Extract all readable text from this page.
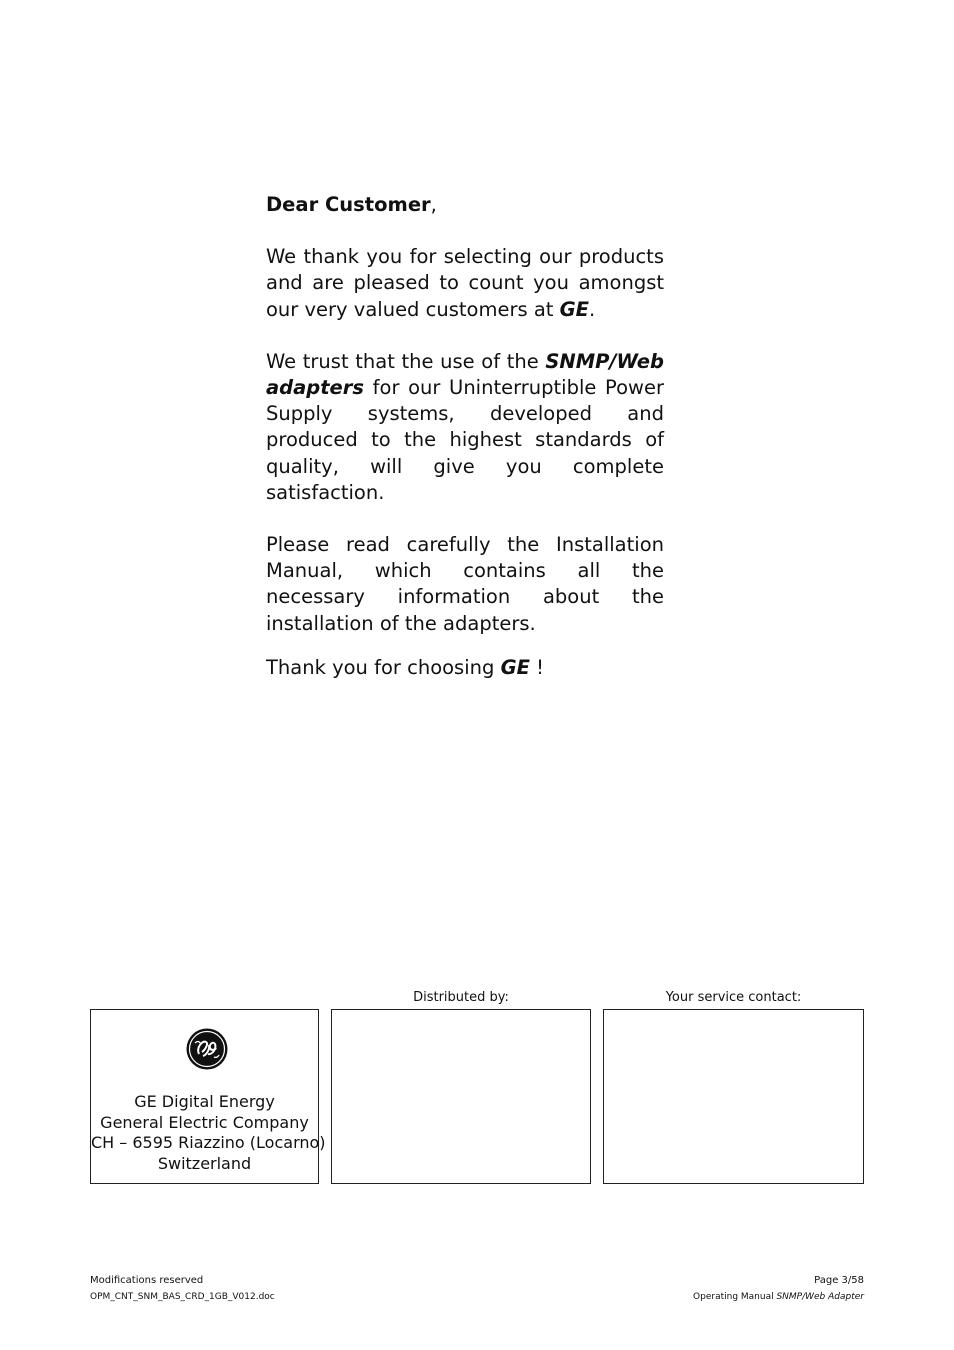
Dear Customer,

We thank you for selecting our products and are pleased to count you amongst our very valued customers at GE.

We trust that the use of the SNMP/Web adapters for our Uninterruptible Power Supply systems, developed and produced to the highest standards of quality, will give you complete satisfaction.

Please read carefully the Installation Manual, which contains all the necessary information about the installation of the adapters.

Thank you for choosing GE !

Distributed by:	Your service contact:
GE Digital Energy
General Electric Company
CH – 6595 Riazzino (Locarno)
Switzerland
Modifications reserved
OPM_CNT_SNM_BAS_CRD_1GB_V012.doc
Page 3/58
Operating Manual SNMP/Web Adapter
